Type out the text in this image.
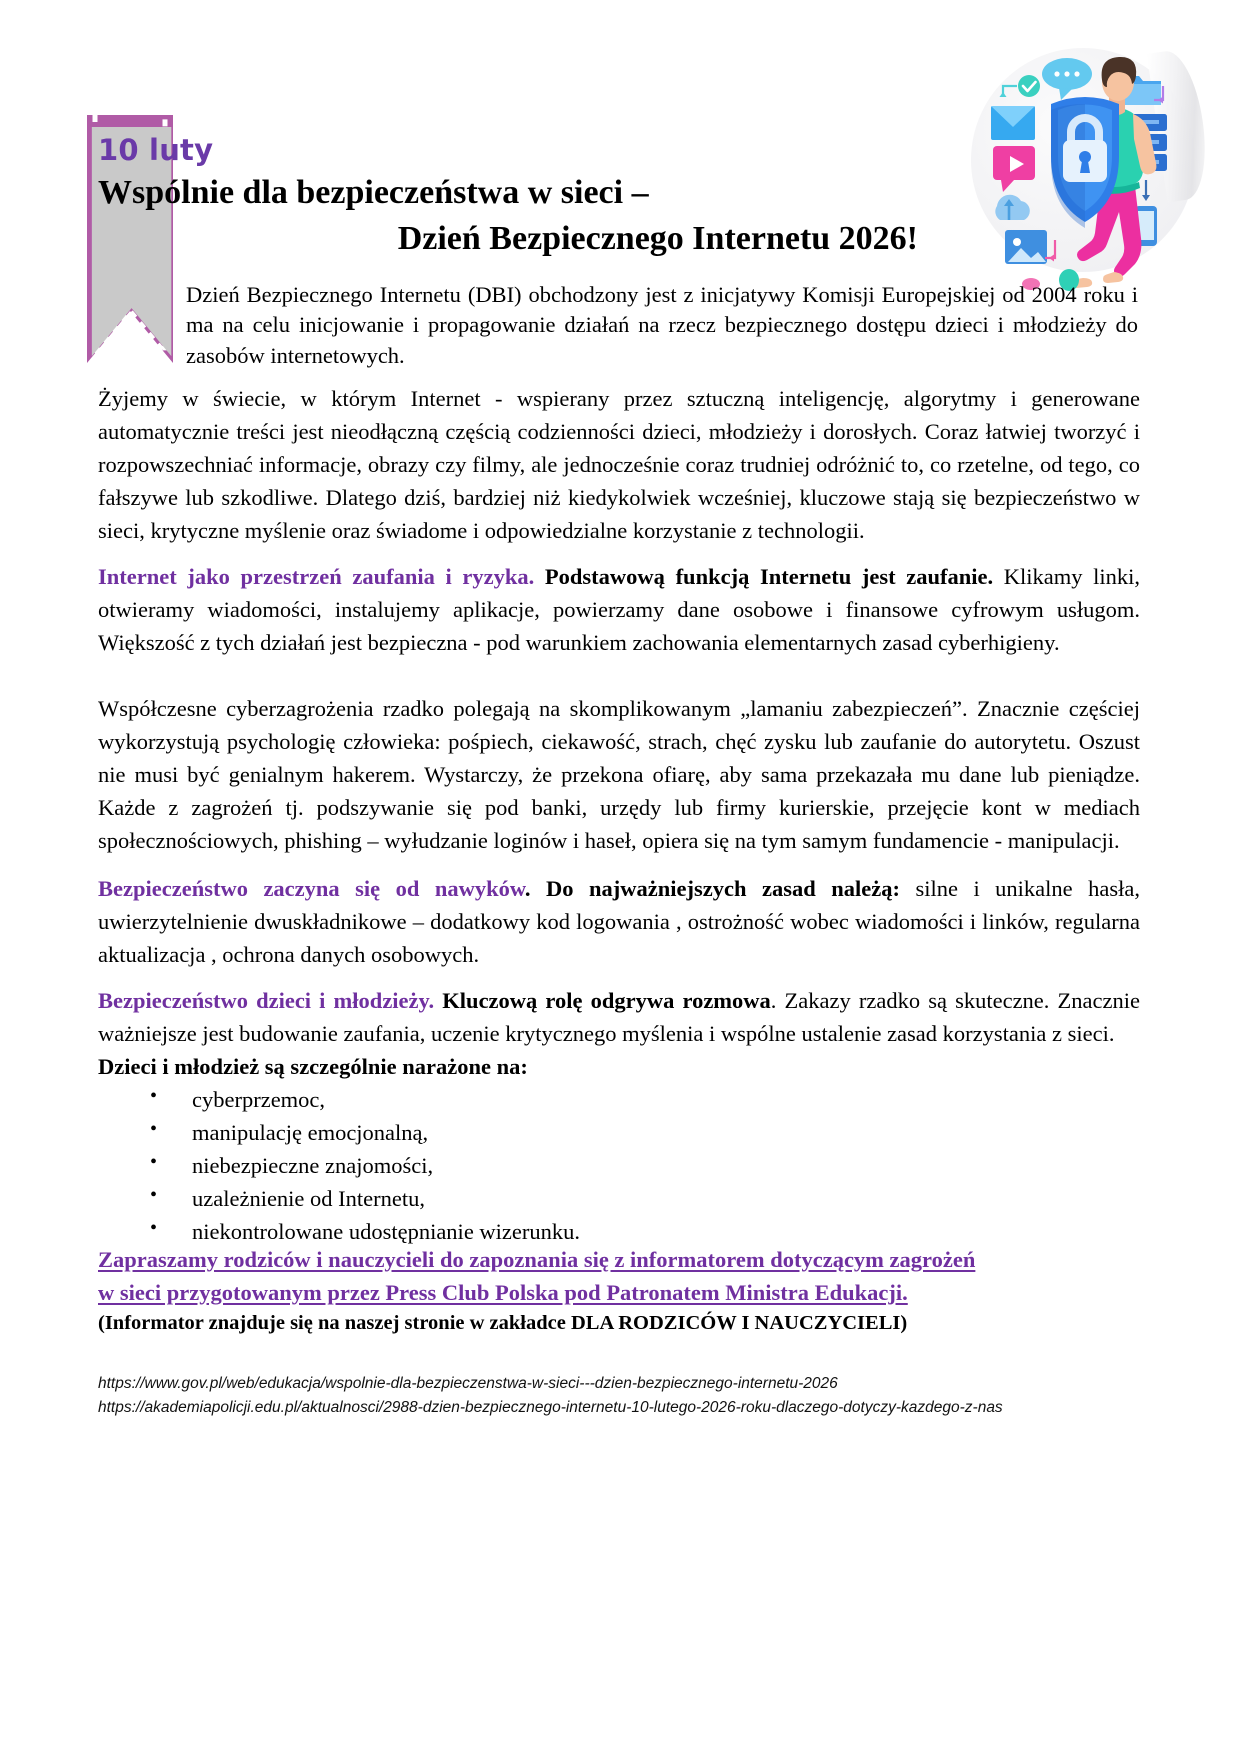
10 luty
Wspólnie dla bezpieczeństwa w sieci –
Dzień Bezpiecznego Internetu 2026!
Dzień Bezpiecznego Internetu (DBI) obchodzony jest z inicjatywy Komisji Europejskiej od 2004 roku i ma na celu inicjowanie i propagowanie działań na rzecz bezpiecznego dostępu dzieci i młodzieży do zasobów internetowych.
Żyjemy w świecie, w którym Internet - wspierany przez sztuczną inteligencję, algorytmy i generowane automatycznie treści jest nieodłączną częścią codzienności dzieci, młodzieży i dorosłych. Coraz łatwiej tworzyć i rozpowszechniać informacje, obrazy czy filmy, ale jednocześnie coraz trudniej odróżnić to, co rzetelne, od tego, co fałszywe lub szkodliwe. Dlatego dziś, bardziej niż kiedykolwiek wcześniej, kluczowe stają się bezpieczeństwo w sieci, krytyczne myślenie oraz świadome i odpowiedzialne korzystanie z technologii.

Internet jako przestrzeń zaufania i ryzyka. Podstawową funkcją Internetu jest zaufanie. Klikamy linki, otwieramy wiadomości, instalujemy aplikacje, powierzamy dane osobowe i finansowe cyfrowym usługom. Większość z tych działań jest bezpieczna - pod warunkiem zachowania elementarnych zasad cyberhigieny.

Współczesne cyberzagrożenia rzadko polegają na skomplikowanym „lamaniu zabezpieczeń”. Znacznie częściej wykorzystują psychologię człowieka: pośpiech, ciekawość, strach, chęć zysku lub zaufanie do autorytetu. Oszust nie musi być genialnym hakerem. Wystarczy, że przekona ofiarę, aby sama przekazała mu dane lub pieniądze. Każde z zagrożeń tj. podszywanie się pod banki, urzędy lub firmy kurierskie, przejęcie kont w mediach społecznościowych, phishing – wyłudzanie loginów i haseł, opiera się na tym samym fundamencie - manipulacji.

Bezpieczeństwo zaczyna się od nawyków. Do najważniejszych zasad należą: silne i unikalne hasła, uwierzytelnienie dwuskładnikowe – dodatkowy kod logowania , ostrożność wobec wiadomości i linków, regularna aktualizacja , ochrona danych osobowych.

Bezpieczeństwo dzieci i młodzieży. Kluczową rolę odgrywa rozmowa. Zakazy rzadko są skuteczne. Znacznie ważniejsze jest budowanie zaufania, uczenie krytycznego myślenia i wspólne ustalenie zasad korzystania z sieci.

Dzieci i młodzież są szczególnie narażone na:

• cyberprzemoc,
• manipulację emocjonalną,
• niebezpieczne znajomości,
• uzależnienie od Internetu,
• niekontrolowane udostępnianie wizerunku.
Zapraszamy rodziców i nauczycieli do zapoznania się z informatorem dotyczącym zagrożeń
w sieci przygotowanym przez Press Club Polska pod Patronatem Ministra Edukacji.
(Informator znajduje się na naszej stronie w zakładce DLA RODZICÓW I NAUCZYCIELI)
https://www.gov.pl/web/edukacja/wspolnie-dla-bezpieczenstwa-w-sieci---dzien-bezpiecznego-internetu-2026
https://akademiapolicji.edu.pl/aktualnosci/2988-dzien-bezpiecznego-internetu-10-lutego-2026-roku-dlaczego-dotyczy-kazdego-z-nas
